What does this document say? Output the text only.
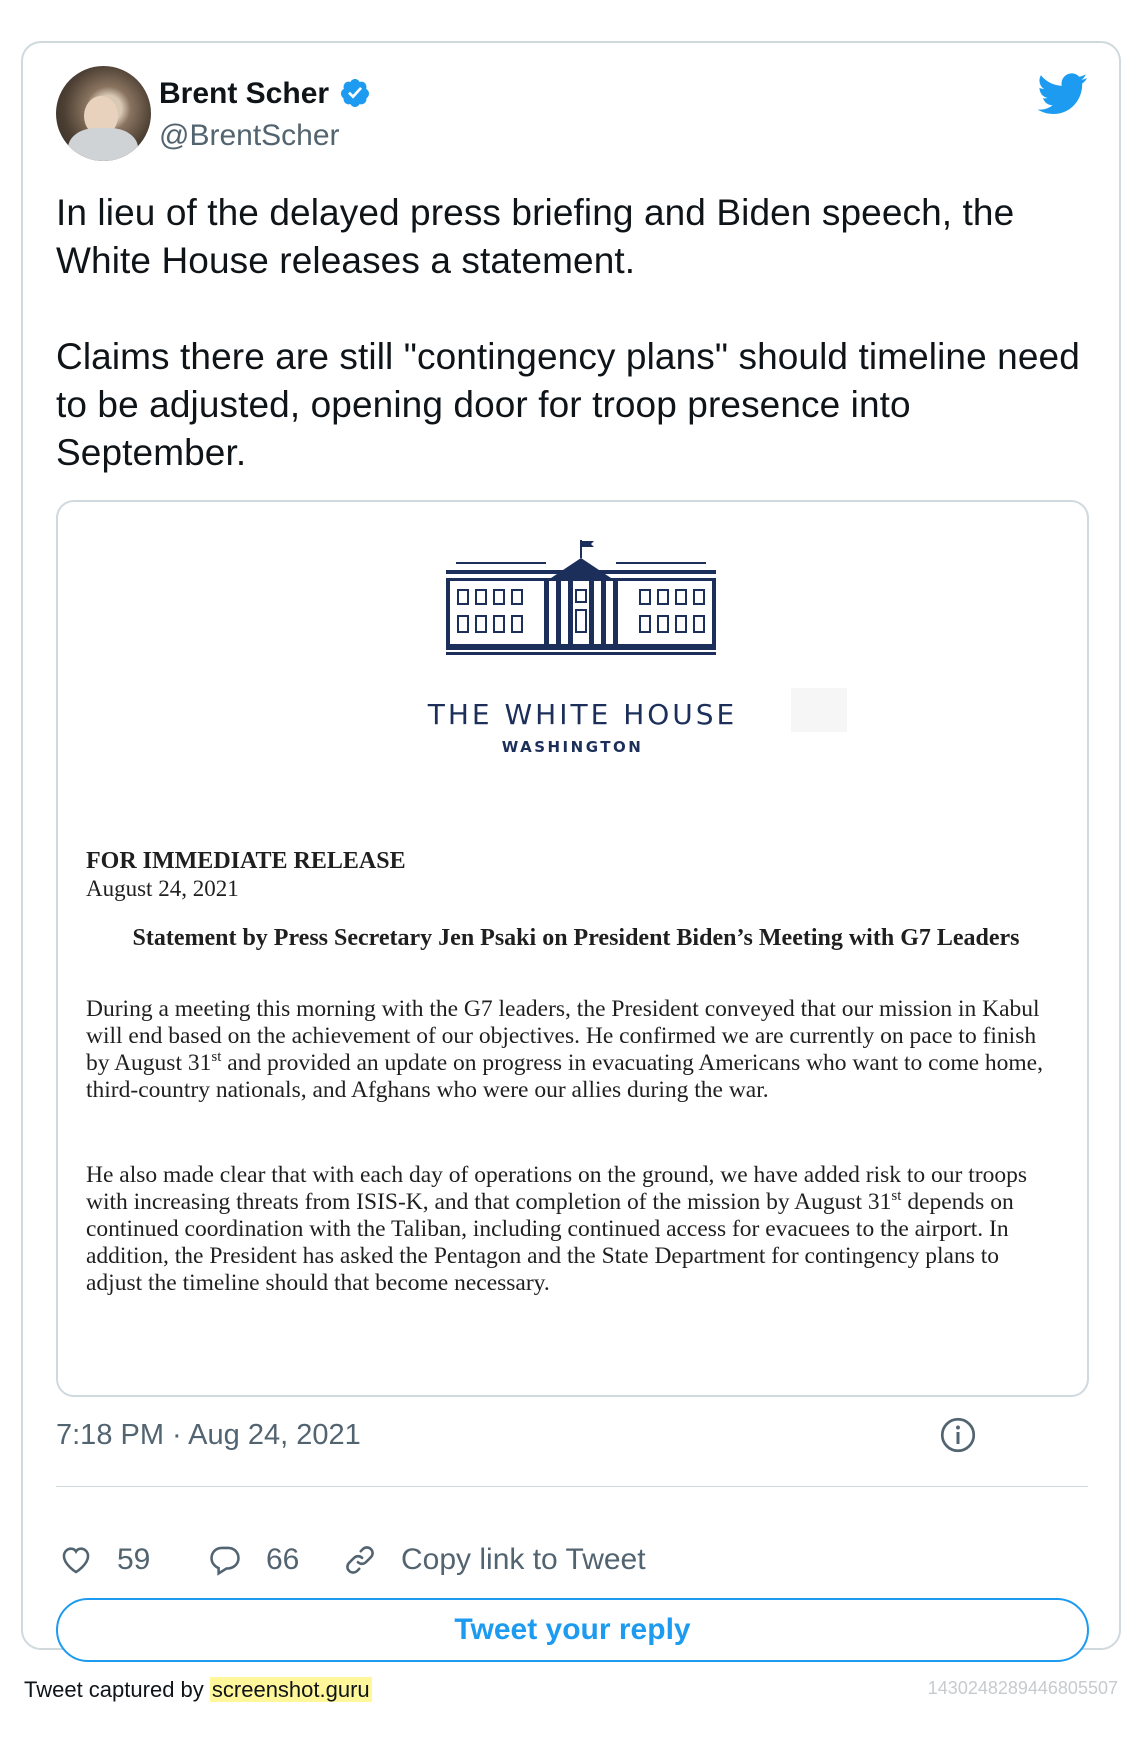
Brent Scher
@BrentScher

In lieu of the delayed press briefing and Biden speech, the White House releases a statement.

Claims there are still "contingency plans" should timeline need to be adjusted, opening door for troop presence into September.

THE WHITE HOUSE
WASHINGTON
FOR IMMEDIATE RELEASE
August 24, 2021
Statement by Press Secretary Jen Psaki on President Biden’s Meeting with G7 Leaders
During a meeting this morning with the G7 leaders, the President conveyed that our mission in Kabul will end based on the achievement of our objectives. He confirmed we are currently on pace to finish by August 31st and provided an update on progress in evacuating Americans who want to come home, third-country nationals, and Afghans who were our allies during the war.
He also made clear that with each day of operations on the ground, we have added risk to our troops with increasing threats from ISIS-K, and that completion of the mission by August 31st depends on continued coordination with the Taliban, including continued access for evacuees to the airport. In addition, the President has asked the Pentagon and the State Department for contingency plans to adjust the timeline should that become necessary.
7:18 PM · Aug 24, 2021
59	66	Copy link to Tweet
Tweet your reply
Tweet captured by screenshot.guru	1430248289446805507
